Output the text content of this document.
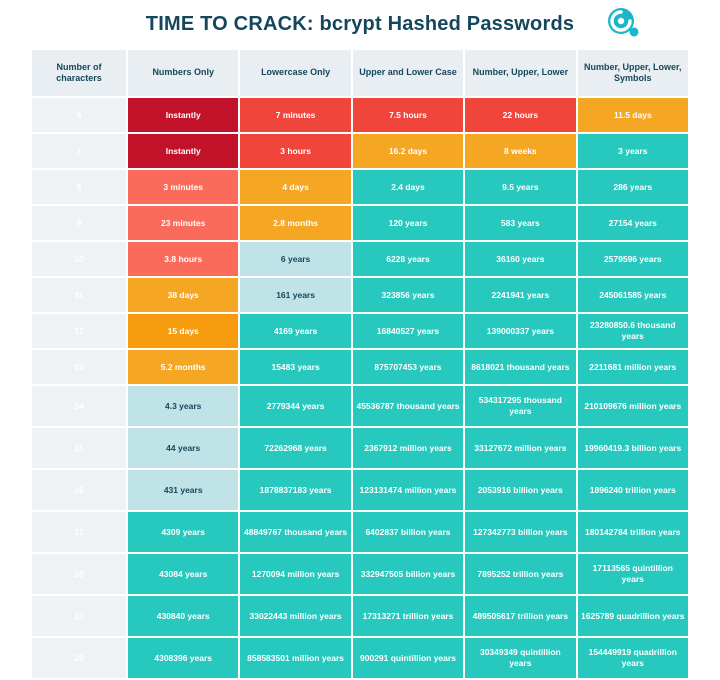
TIME TO CRACK: bcrypt Hashed Passwords
Number of characters	Numbers Only	Lowercase Only	Upper and Lower Case	Number, Upper, Lower	Number, Upper, Lower, Symbols
6	Instantly	7 minutes	7.5 hours	22 hours	11.5 days
7	Instantly	3 hours	16.2 days	8 weeks	3 years
8	3 minutes	4 days	2.4 days	9.5 years	286 years
9	23 minutes	2.8 months	120 years	583 years	27154 years
10	3.8 hours	6 years	6228 years	36160 years	2579596 years
11	38 days	161 years	323856 years	2241941 years	245061585 years
12	15 days	4169 years	16840527 years	139000337 years	23280850.6 thousand years
13	5.2 months	15483 years	875707453 years	8618021 thousand years	2211681 million years
14	4.3 years	2779344 years	45536787 thousand years	534317295 thousand years	210109676 million years
15	44 years	72262968 years	2367912 million years	33127672 million years	19960419.3 billion years
16	431 years	1878837183 years	123131474 million years	2053916 billion years	1896240 trillion years
17	4309 years	48849767 thousand years	6402837 billion years	127342773 billion years	180142784 trillion years
18	43084 years	1270094 million years	332947505 billion years	7895252 trillion years	17113565 quintillion years
19	430840 years	33022443 million years	17313271 trillion years	489505617 trillion years	1625789 quadrillion years
20	4308396 years	858583501 million years	900291 quintillion years	30349349 quintillion years	154449919 quadrillion years
